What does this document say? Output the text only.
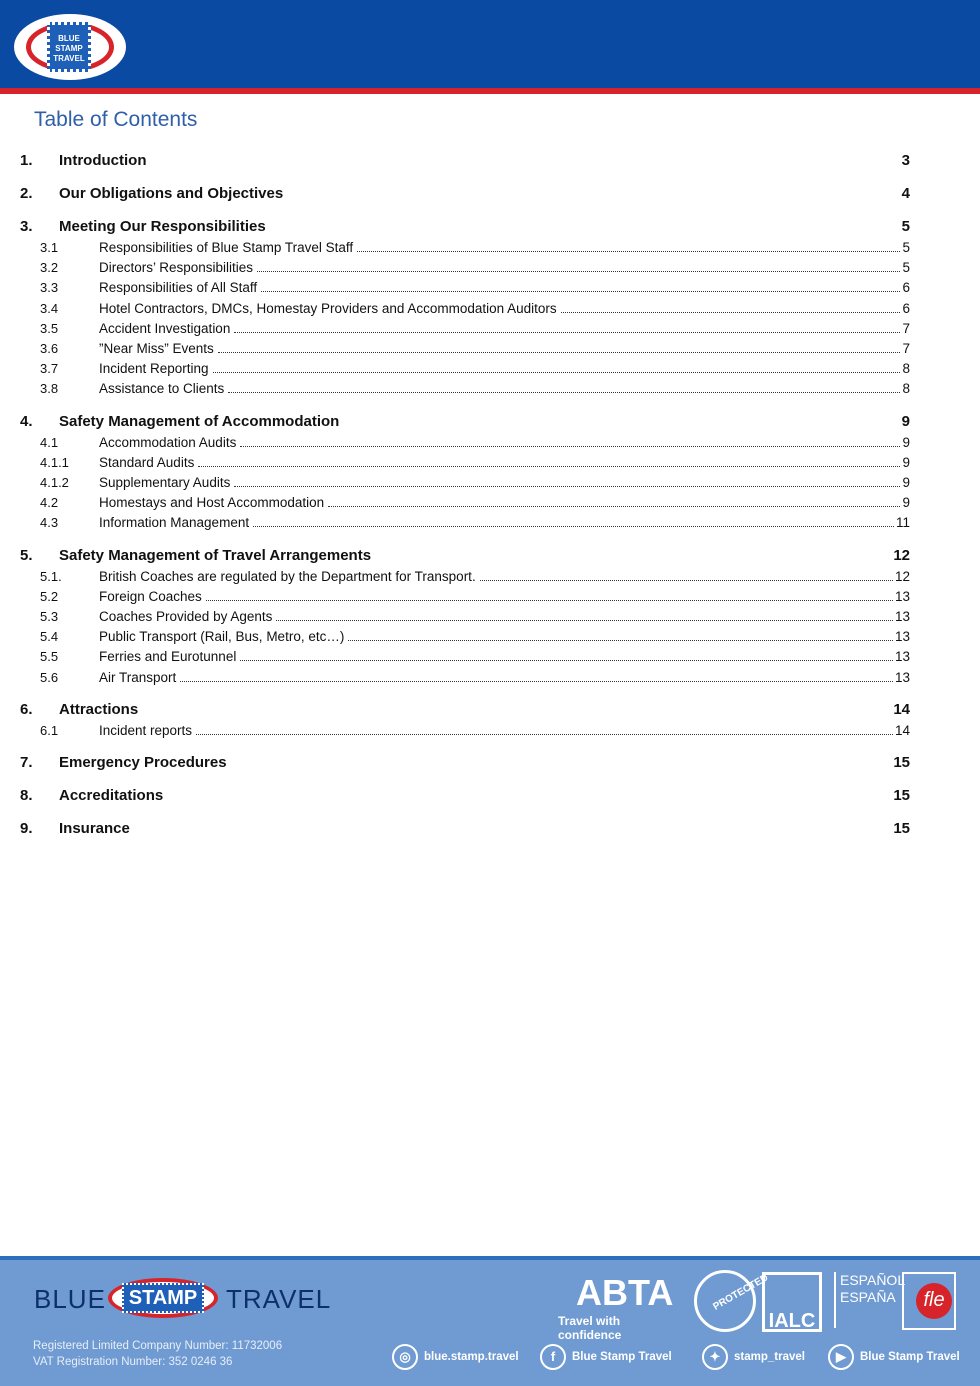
BLUE
STAMP
TRAVEL
Table of Contents
1. Introduction	3
2. Our Obligations and Objectives	4
3. Meeting Our Responsibilities	5
3.1	Responsibilities of Blue Stamp Travel Staff	5
3.2	Directors’ Responsibilities	5
3.3	Responsibilities of All Staff	6
3.4	Hotel Contractors, DMCs, Homestay Providers and Accommodation Auditors	6
3.5	Accident Investigation	7
3.6	”Near Miss” Events	7
3.7	Incident Reporting	8
3.8	Assistance to Clients	8
4. Safety Management of Accommodation	9
4.1	Accommodation Audits	9
4.1.1 Standard Audits	9
4.1.2 Supplementary Audits	9
4.2	Homestays and Host Accommodation	9
4.3	Information Management	11
5. Safety Management of Travel Arrangements	12
5.1.	British Coaches are regulated by the Department for Transport.	12
5.2	Foreign Coaches	13
5.3	Coaches Provided by Agents	13
5.4	Public Transport (Rail, Bus, Metro, etc…)	13
5.5	Ferries and Eurotunnel	13
5.6	Air Transport	13
6. Attractions	14
6.1	Incident reports	14
7. Emergency Procedures	15
8. Accreditations	15
9. Insurance	15
BLUE	STAMP TRAVEL
Registered Limited Company Number: 11732006
VAT Registration Number: 352 0246 36
ABTA
Travel with confidence
PROTECTED
IALC
ESPAÑOL
ESPAÑA	fle
◎ blue.stamp.travel	f Blue Stamp Travel	✦ stamp_travel	▶ Blue Stamp Travel
